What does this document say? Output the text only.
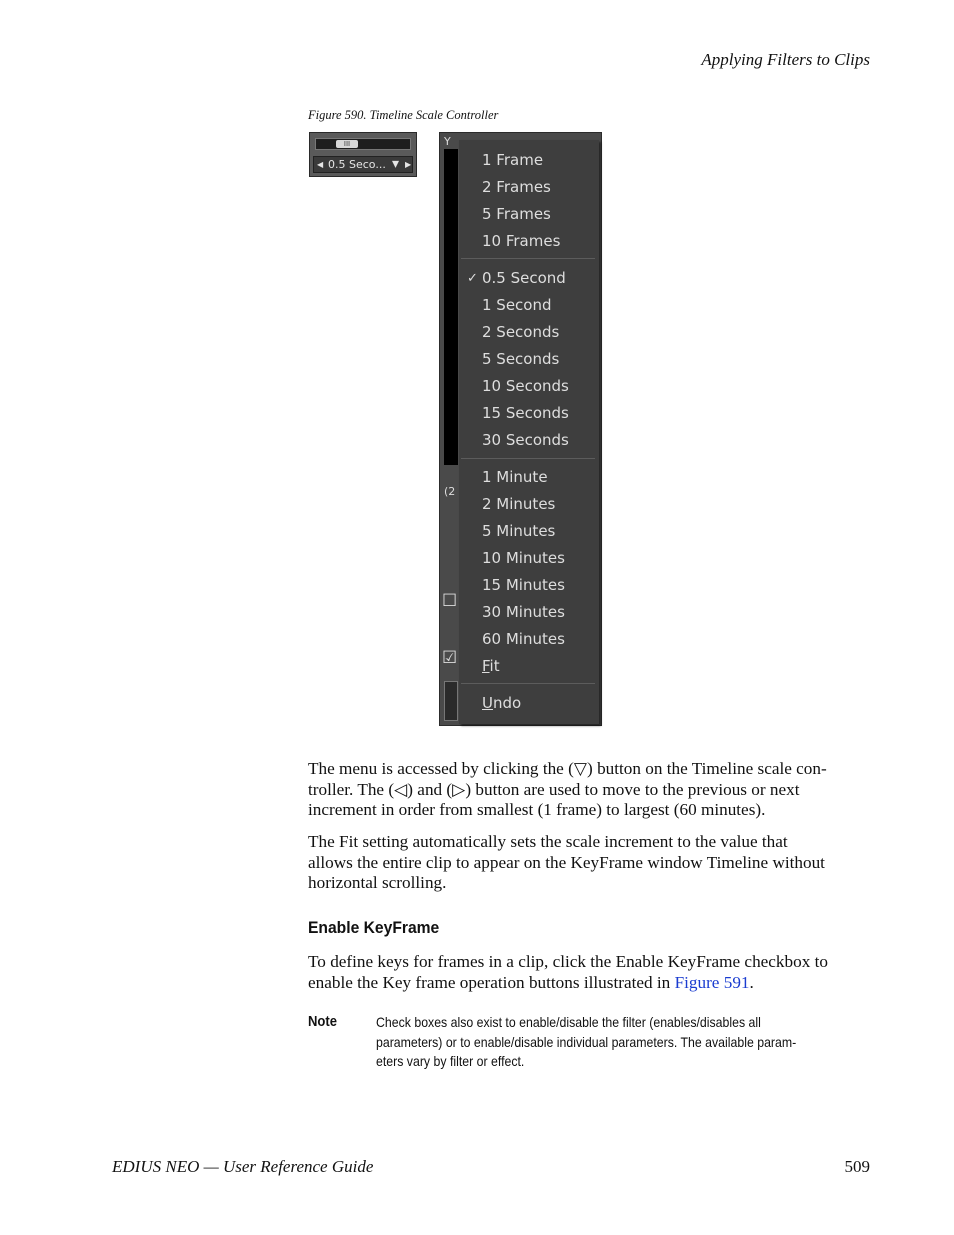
Applying Filters to Clips
Figure 590. Timeline Scale Controller
III
◀ 0.5 Seco... ▾ ▶
Y
(2
☐
☑
1 Frame
2 Frames
5 Frames
10 Frames
✓ 0.5 Second
1 Second
2 Seconds
5 Seconds
10 Seconds
15 Seconds
30 Seconds
1 Minute
2 Minutes
5 Minutes
10 Minutes
15 Minutes
30 Minutes
60 Minutes
Fit
Undo
The menu is accessed by clicking the (▽) button on the Timeline scale con-
troller. The (◁) and (▷) button are used to move to the previous or next
increment in order from smallest (1 frame) to largest (60 minutes).
The Fit setting automatically sets the scale increment to the value that
allows the entire clip to appear on the KeyFrame window Timeline without
horizontal scrolling.
Enable KeyFrame
To define keys for frames in a clip, click the Enable KeyFrame checkbox to
enable the Key frame operation buttons illustrated in Figure 591.
Note	Check boxes also exist to enable/disable the filter (enables/disables all
parameters) or to enable/disable individual parameters. The available param-
eters vary by filter or effect.
EDIUS NEO — User Reference Guide	509
